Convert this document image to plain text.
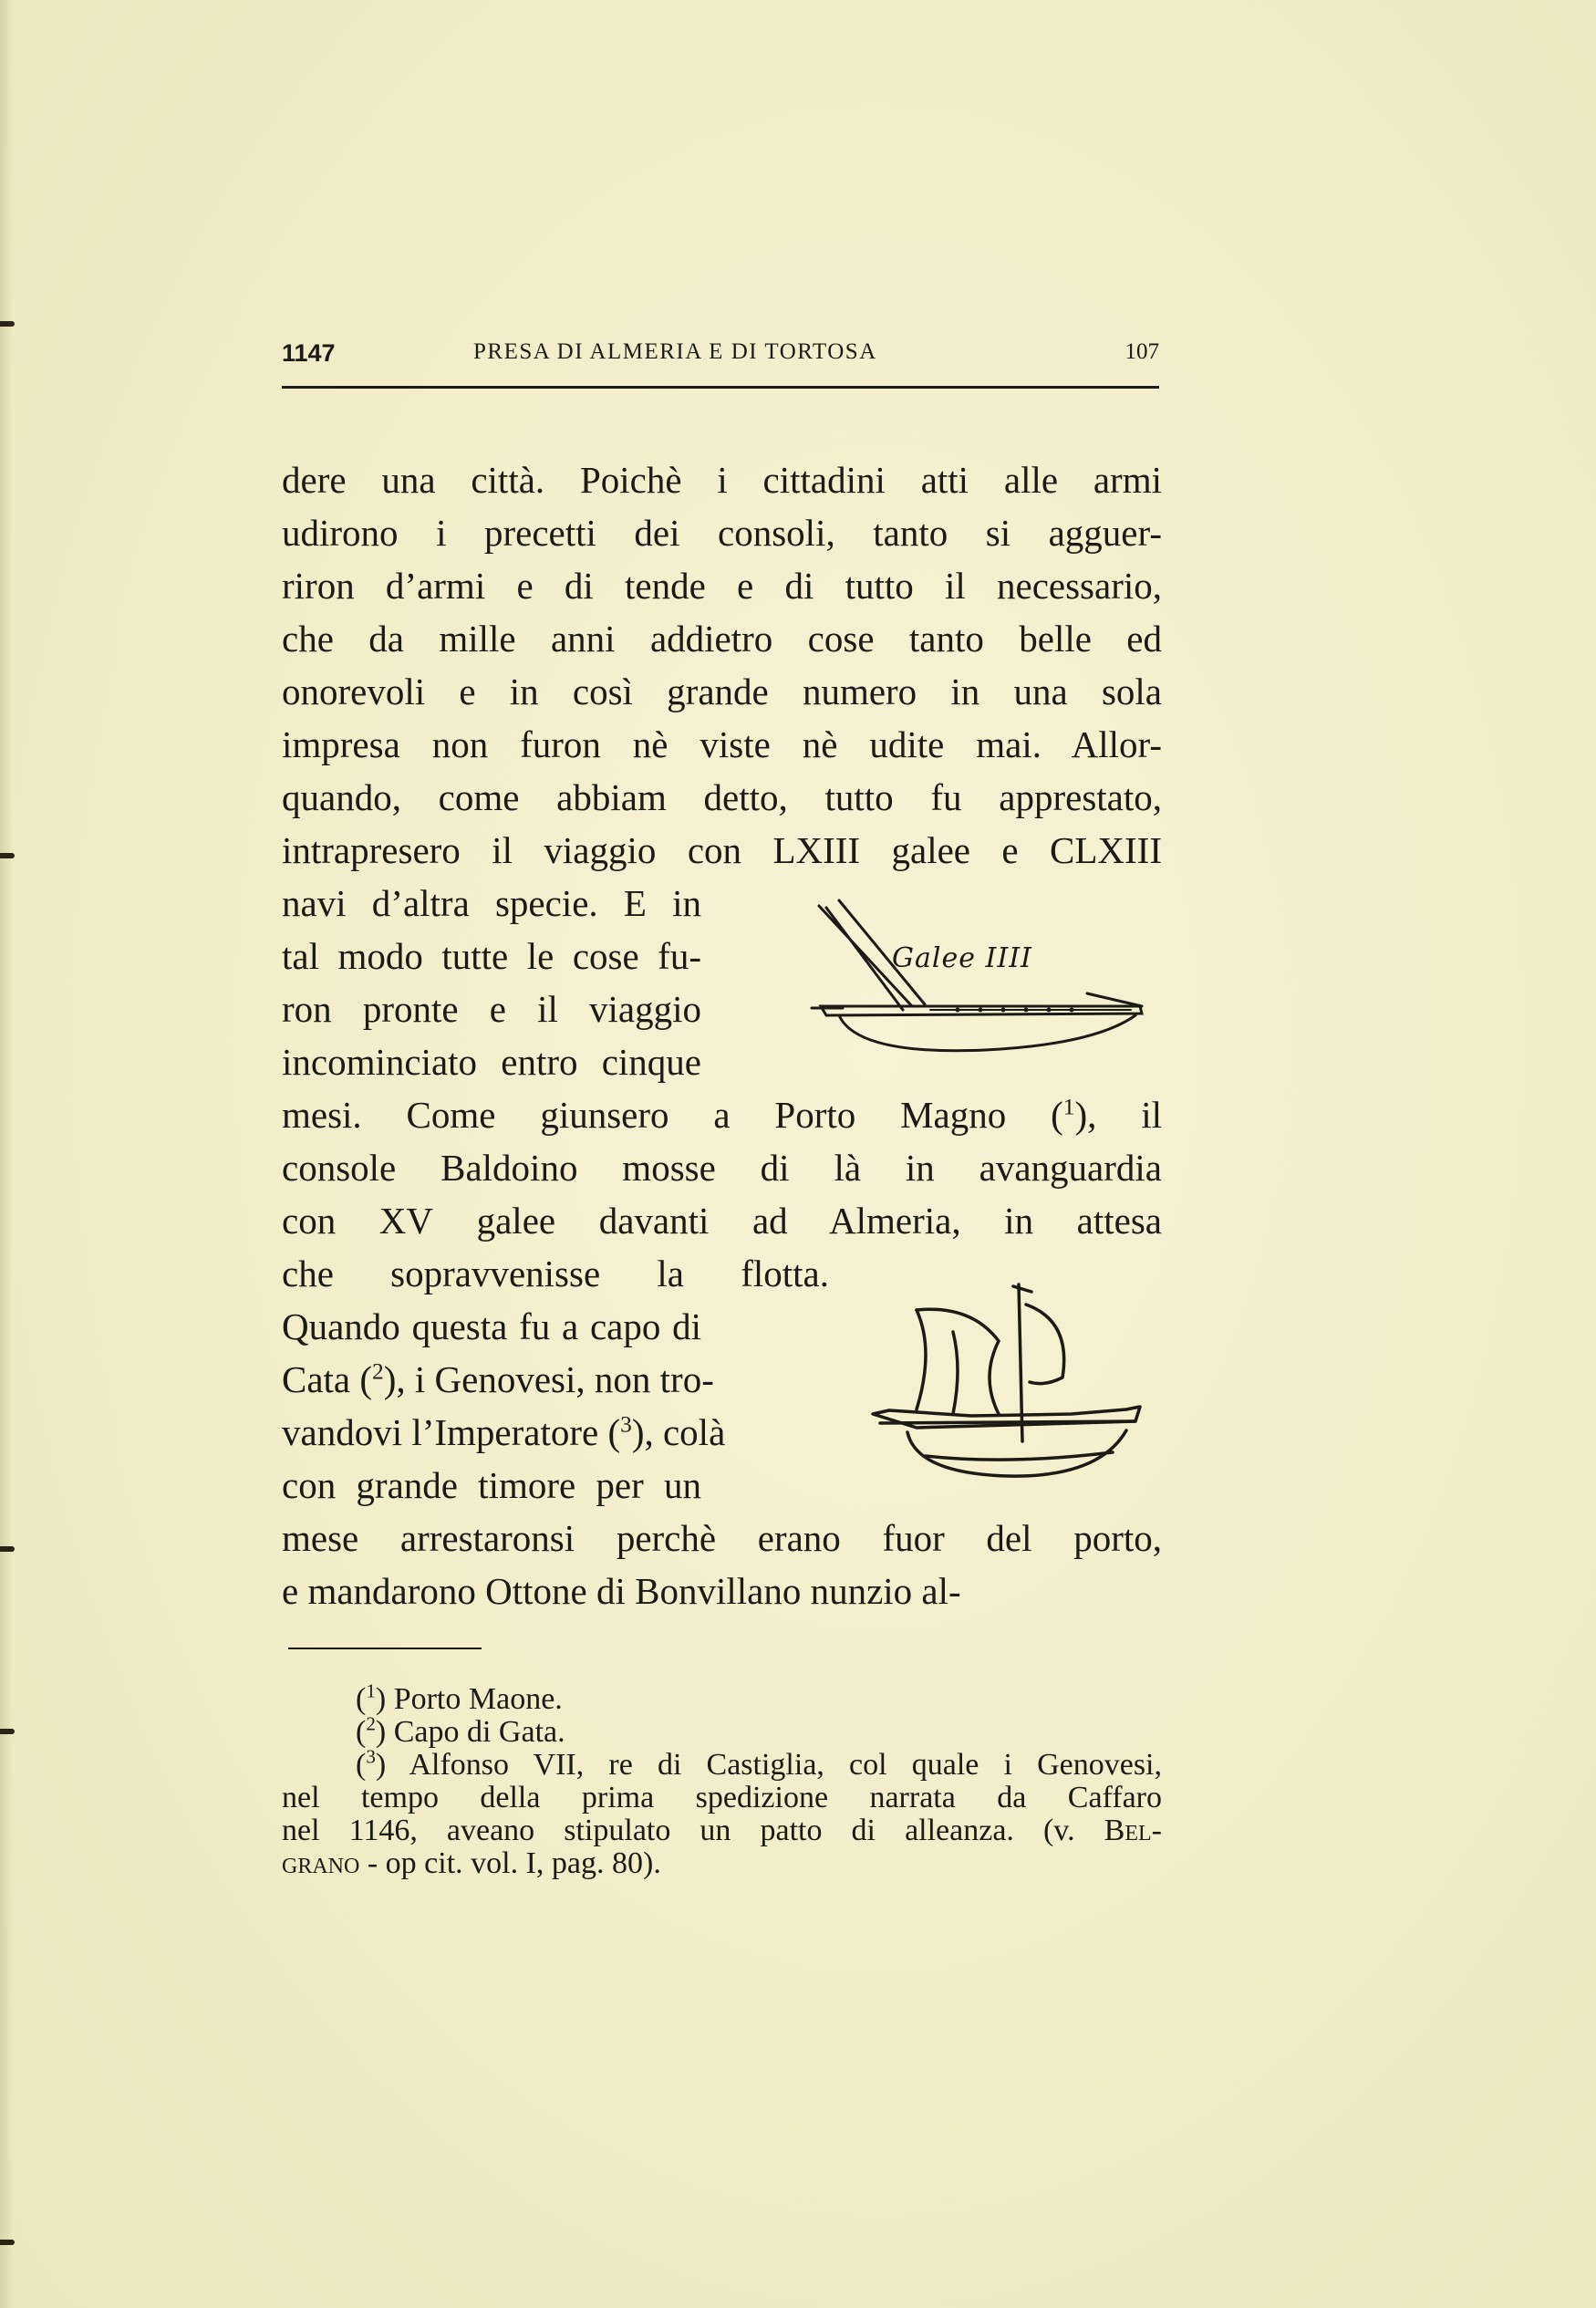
1147	PRESA DI ALMERIA E DI TORTOSA	107
dere una città. Poichè i cittadini atti alle armi
udirono i precetti dei consoli, tanto si agguer-
riron d’armi e di tende e di tutto il necessario,
che da mille anni addietro cose tanto belle ed
onorevoli e in così grande numero in una sola
impresa non furon nè viste nè udite mai. Allor-
quando, come abbiam detto, tutto fu apprestato,
intrapresero il viaggio con LXIII galee e CLXIII
navi d’altra specie. E in
tal modo tutte le cose fu-
ron pronte e il viaggio
incominciato entro cinque
mesi. Come giunsero a Porto Magno ($^1$), il
console Baldoino mosse di là in avanguardia
con XV galee davanti ad Almeria, in attesa
che sopravvenisse la flotta.
Quando questa fu a capo di
Cata ($^2$), i Genovesi, non tro-
vandovi l’Imperatore ($^3$), colà
con grande timore per un
mese arrestaronsi perchè erano fuor del porto,
e mandarono Ottone di Bonvillano nunzio al-
Galee IIII
($^1$) Porto Maone.
($^2$) Capo di Gata.
($^3$) Alfonso VII, re di Castiglia, col quale i Genovesi,
nel tempo della prima spedizione narrata da Caffaro
nel 1146, aveano stipulato un patto di alleanza. (v. Bel-
grano - op cit. vol. I, pag. 80).
